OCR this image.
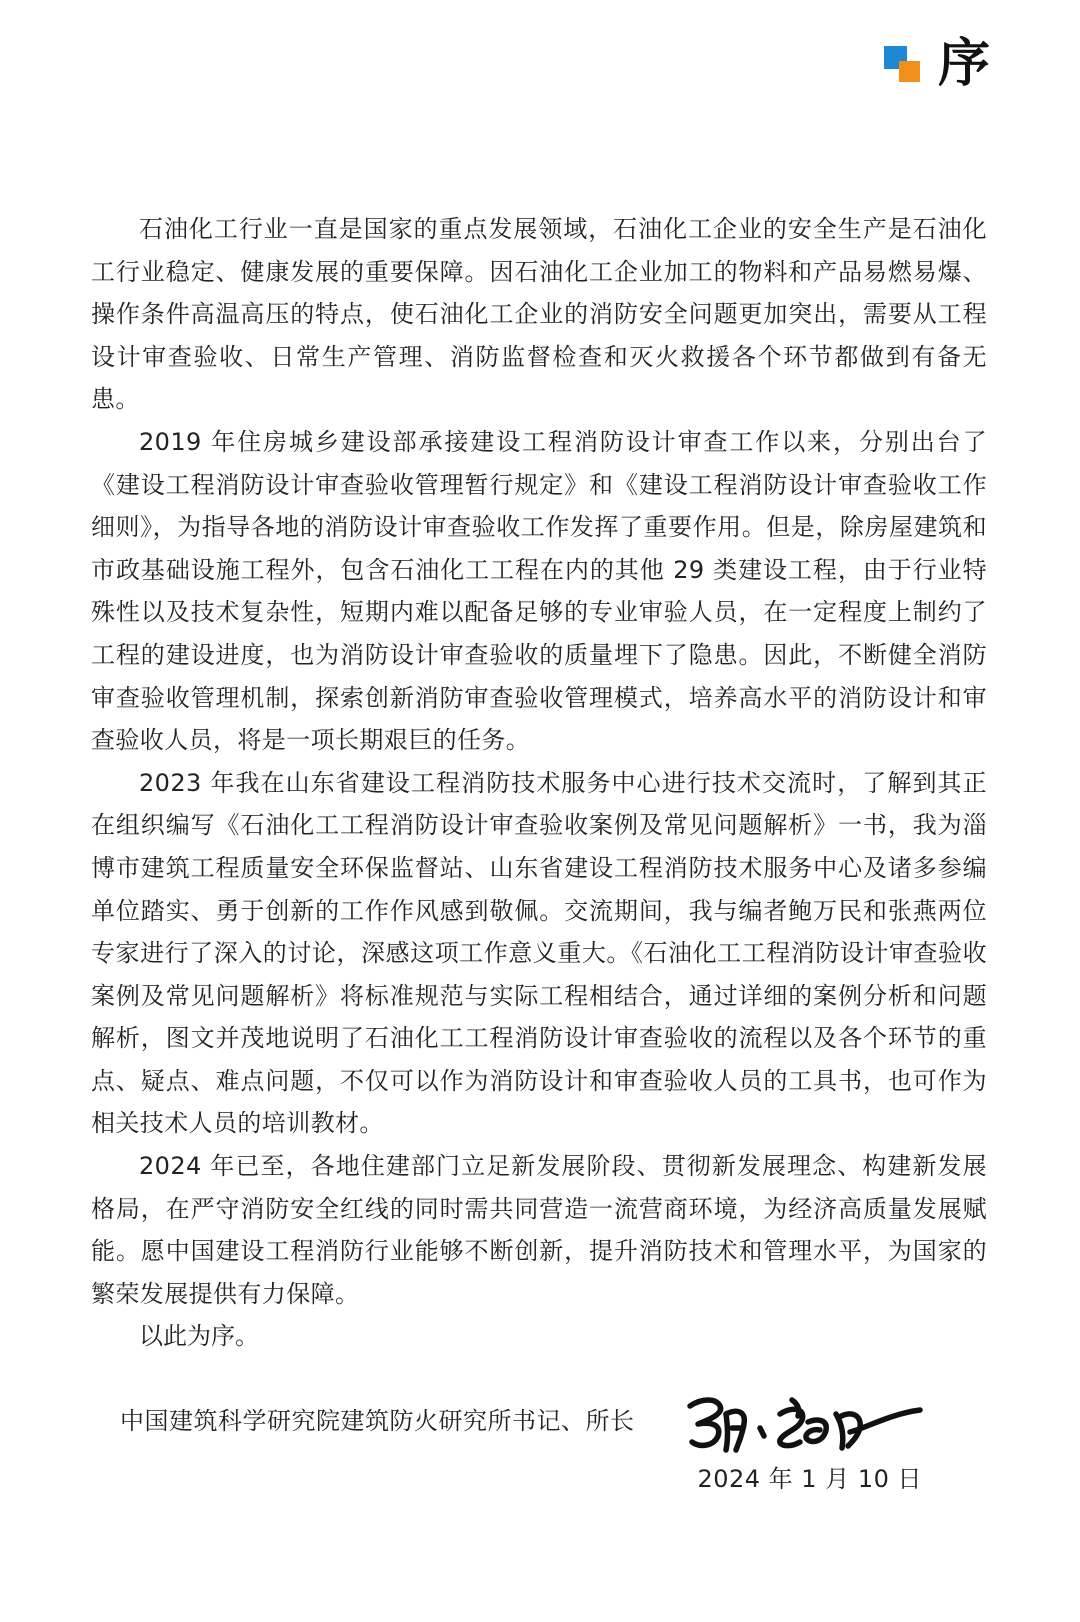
序

石油化工行业一直是国家的重点发展领域，石油化工企业的安全生产是石油化工行业稳定、健康发展的重要保障。因石油化工企业加工的物料和产品易燃易爆、操作条件高温高压的特点，使石油化工企业的消防安全问题更加突出，需要从工程设计审查验收、日常生产管理、消防监督检查和灭火救援各个环节都做到有备无患。

2019 年住房城乡建设部承接建设工程消防设计审查工作以来，分别出台了《建设工程消防设计审查验收管理暂行规定》和《建设工程消防设计审查验收工作细则》，为指导各地的消防设计审查验收工作发挥了重要作用。但是，除房屋建筑和市政基础设施工程外，包含石油化工工程在内的其他 29 类建设工程，由于行业特殊性以及技术复杂性，短期内难以配备足够的专业审验人员，在一定程度上制约了工程的建设进度，也为消防设计审查验收的质量埋下了隐患。因此，不断健全消防审查验收管理机制，探索创新消防审查验收管理模式，培养高水平的消防设计和审查验收人员，将是一项长期艰巨的任务。

2023 年我在山东省建设工程消防技术服务中心进行技术交流时，了解到其正在组织编写《石油化工工程消防设计审查验收案例及常见问题解析》一书，我为淄博市建筑工程质量安全环保监督站、山东省建设工程消防技术服务中心及诸多参编单位踏实、勇于创新的工作作风感到敬佩。交流期间，我与编者鲍万民和张燕两位专家进行了深入的讨论，深感这项工作意义重大。《石油化工工程消防设计审查验收案例及常见问题解析》将标准规范与实际工程相结合，通过详细的案例分析和问题解析，图文并茂地说明了石油化工工程消防设计审查验收的流程以及各个环节的重点、疑点、难点问题，不仅可以作为消防设计和审查验收人员的工具书，也可作为相关技术人员的培训教材。

2024 年已至，各地住建部门立足新发展阶段、贯彻新发展理念、构建新发展格局，在严守消防安全红线的同时需共同营造一流营商环境，为经济高质量发展赋能。愿中国建设工程消防行业能够不断创新，提升消防技术和管理水平，为国家的繁荣发展提供有力保障。

以此为序。

中国建筑科学研究院建筑防火研究所书记、所长
2024 年 1 月 10 日
